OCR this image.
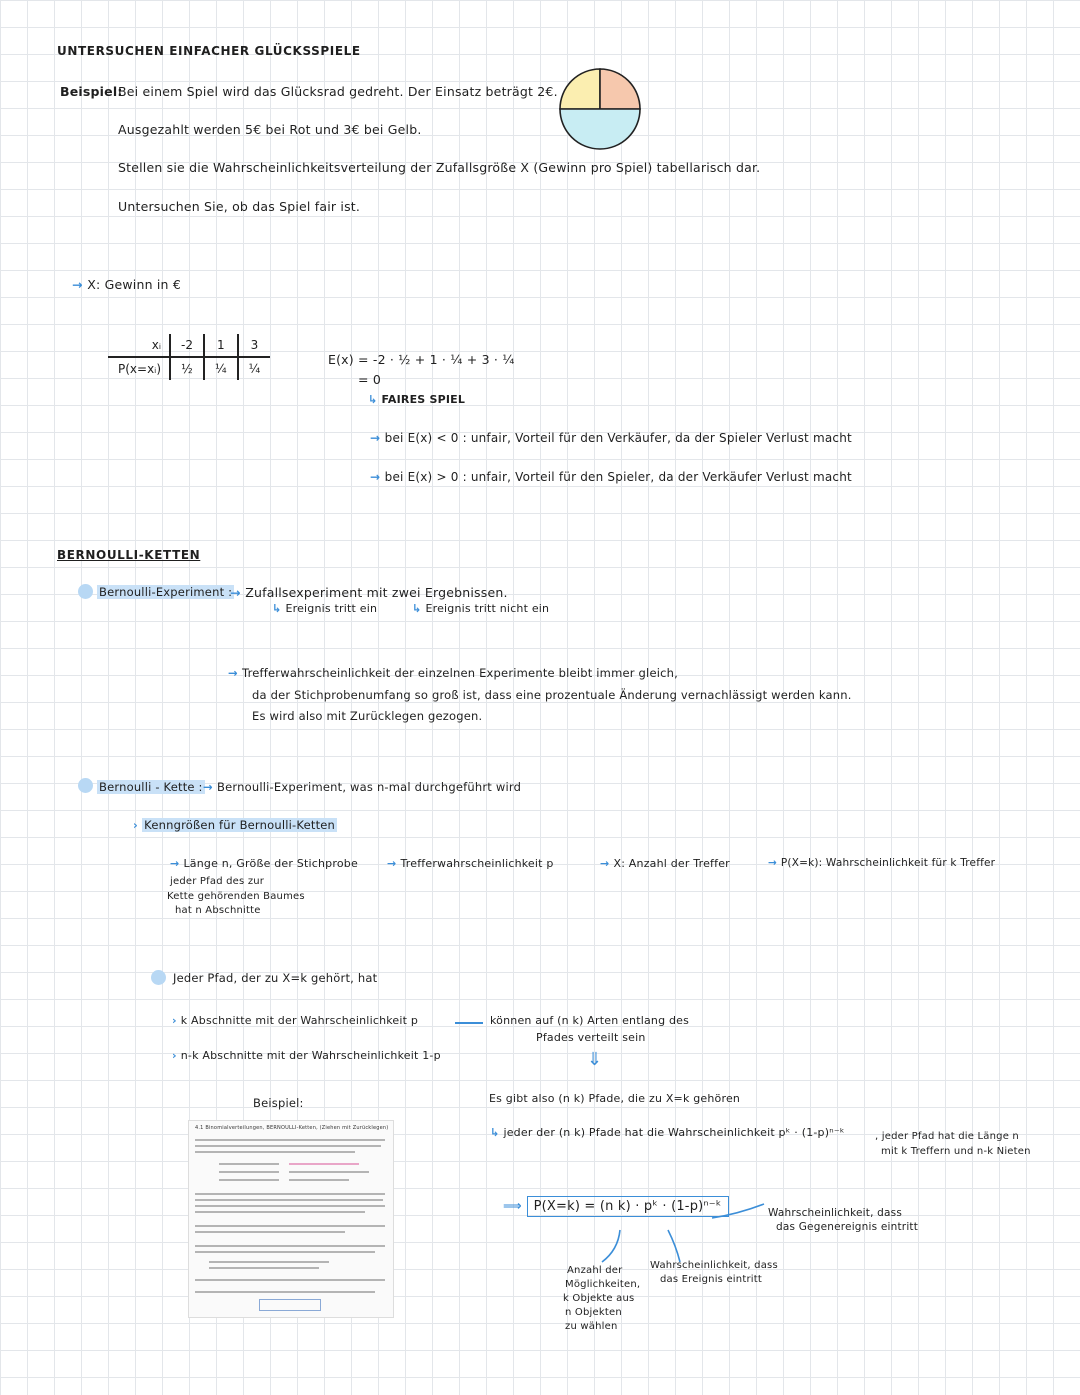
UNTERSUCHEN EINFACHER GLÜCKSSPIELE
Beispiel:
Bei einem Spiel wird das Glücksrad gedreht. Der Einsatz beträgt 2€.
Ausgezahlt werden 5€ bei Rot und 3€ bei Gelb.
Stellen sie die Wahrscheinlichkeitsverteilung der Zufallsgröße X (Gewinn pro Spiel) tabellarisch dar.
Untersuchen Sie, ob das Spiel fair ist.
→ X: Gewinn in €
xᵢ	-2	1	3
P(x=xᵢ)	½	¼	¼
E(x) = -2 · ½ + 1 · ¼ + 3 · ¼
= 0
↳ FAIRES SPIEL
→ bei E(x) < 0 : unfair, Vorteil für den Verkäufer, da der Spieler Verlust macht
→ bei E(x) > 0 : unfair, Vorteil für den Spieler, da der Verkäufer Verlust macht
BERNOULLI-KETTEN
Bernoulli-Experiment :
→ Zufallsexperiment mit zwei Ergebnissen.
↳ Ereignis tritt ein	↳ Ereignis tritt nicht ein
→ Trefferwahrscheinlichkeit der einzelnen Experimente bleibt immer gleich,
da der Stichprobenumfang so groß ist, dass eine prozentuale Änderung vernachlässigt werden kann.
Es wird also mit Zurücklegen gezogen.
Bernoulli - Kette : → Bernoulli-Experiment, was n-mal durchgeführt wird
› Kenngrößen für Bernoulli-Ketten
→ Länge n, Größe der Stichprobe
jeder Pfad des zur
Kette gehörenden Baumes
hat n Abschnitte
→ Trefferwahrscheinlichkeit p	→ X: Anzahl der Treffer	→ P(X=k): Wahrscheinlichkeit für k Treffer
Jeder Pfad, der zu X=k gehört, hat
› k Abschnitte mit der Wahrscheinlichkeit p
› n-k Abschnitte mit der Wahrscheinlichkeit 1-p
können auf (n k) Arten entlang des
Pfades verteilt sein
⇓
Es gibt also (n k) Pfade, die zu X=k gehören
↳ jeder der (n k) Pfade hat die Wahrscheinlichkeit pᵏ · (1-p)ⁿ⁻ᵏ	, jeder Pfad hat die Länge n
mit k Treffern und n-k Nieten
Beispiel:
4.1 Binomialverteilungen, BERNOULLI-Ketten, (Ziehen mit Zurücklegen)
⟹ P(X=k) = (n k) · pᵏ · (1-p)ⁿ⁻ᵏ
Anzahl der
Möglichkeiten,
k Objekte aus
n Objekten
zu wählen
Wahrscheinlichkeit, dass
das Ereignis eintritt
Wahrscheinlichkeit, dass
das Gegenereignis eintritt
